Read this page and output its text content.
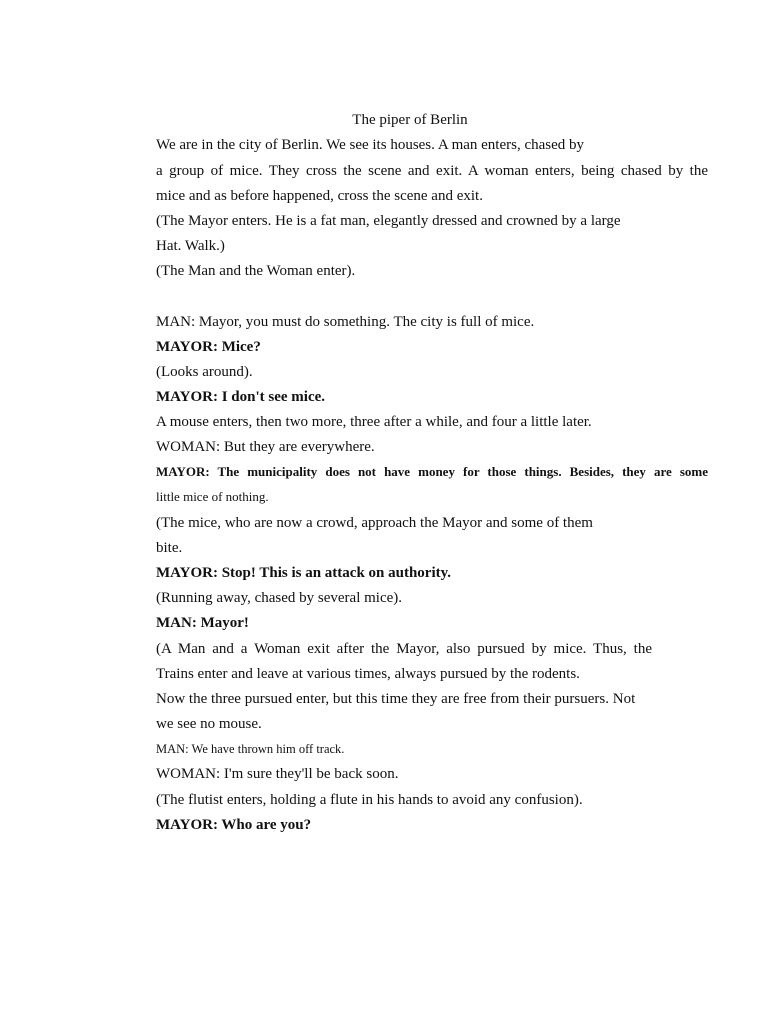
The piper of Berlin
We are in the city of Berlin. We see its houses. A man enters, chased by
a group of mice. They cross the scene and exit. A woman enters, being chased by the
mice and as before happened, cross the scene and exit.
(The Mayor enters. He is a fat man, elegantly dressed and crowned by a large
Hat. Walk.)
(The Man and the Woman enter).
MAN: Mayor, you must do something. The city is full of mice.
MAYOR: Mice?
(Looks around).
MAYOR: I don't see mice.
A mouse enters, then two more, three after a while, and four a little later.
WOMAN: But they are everywhere.
MAYOR: The municipality does not have money for those things. Besides, they are some
little mice of nothing.
(The mice, who are now a crowd, approach the Mayor and some of them
bite.
MAYOR: Stop! This is an attack on authority.
(Running away, chased by several mice).
MAN: Mayor!
(A Man and a Woman exit after the Mayor, also pursued by mice. Thus, the
Trains enter and leave at various times, always pursued by the rodents.
Now the three pursued enter, but this time they are free from their pursuers. Not
we see no mouse.
MAN: We have thrown him off track.
WOMAN: I'm sure they'll be back soon.
(The flutist enters, holding a flute in his hands to avoid any confusion).
MAYOR: Who are you?
